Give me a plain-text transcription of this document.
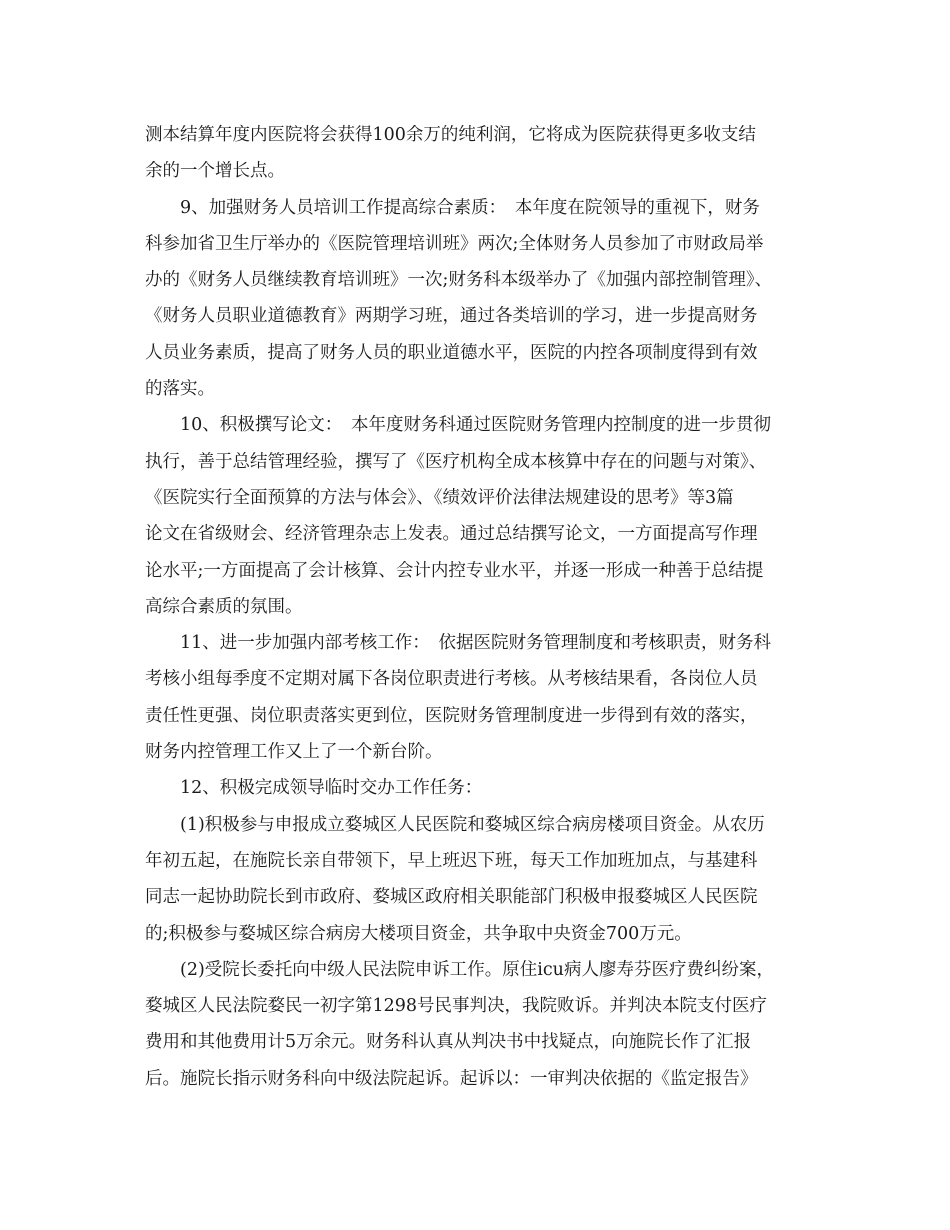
测本结算年度内医院将会获得100余万的纯利润，它将成为医院获得更多收支结
余的一个增长点。
9、加强财务人员培训工作提高综合素质：　本年度在院领导的重视下，财务
科参加省卫生厅举办的《医院管理培训班》两次;全体财务人员参加了市财政局举
办的《财务人员继续教育培训班》一次;财务科本级举办了《加强内部控制管理》、
《财务人员职业道德教育》两期学习班，通过各类培训的学习，进一步提高财务
人员业务素质，提高了财务人员的职业道德水平，医院的内控各项制度得到有效
的落实。
10、积极撰写论文：　本年度财务科通过医院财务管理内控制度的进一步贯彻
执行，善于总结管理经验，撰写了《医疗机构全成本核算中存在的问题与对策》、
《医院实行全面预算的方法与体会》、《绩效评价法律法规建设的思考》等3篇
论文在省级财会、经济管理杂志上发表。通过总结撰写论文，一方面提高写作理
论水平;一方面提高了会计核算、会计内控专业水平，并逐一形成一种善于总结提
高综合素质的氛围。
11、进一步加强内部考核工作：　依据医院财务管理制度和考核职责，财务科
考核小组每季度不定期对属下各岗位职责进行考核。从考核结果看，各岗位人员
责任性更强、岗位职责落实更到位，医院财务管理制度进一步得到有效的落实，
财务内控管理工作又上了一个新台阶。
12、积极完成领导临时交办工作任务：
(1)积极参与申报成立婺城区人民医院和婺城区综合病房楼项目资金。从农历
年初五起，在施院长亲自带领下，早上班迟下班，每天工作加班加点，与基建科
同志一起协助院长到市政府、婺城区政府相关职能部门积极申报婺城区人民医院
的;积极参与婺城区综合病房大楼项目资金，共争取中央资金700万元。
(2)受院长委托向中级人民法院申诉工作。原住icu病人廖寿芬医疗费纠纷案，
婺城区人民法院婺民一初字第1298号民事判决，我院败诉。并判决本院支付医疗
费用和其他费用计5万余元。财务科认真从判决书中找疑点，向施院长作了汇报
后。施院长指示财务科向中级法院起诉。起诉以：一审判决依据的《监定报告》
